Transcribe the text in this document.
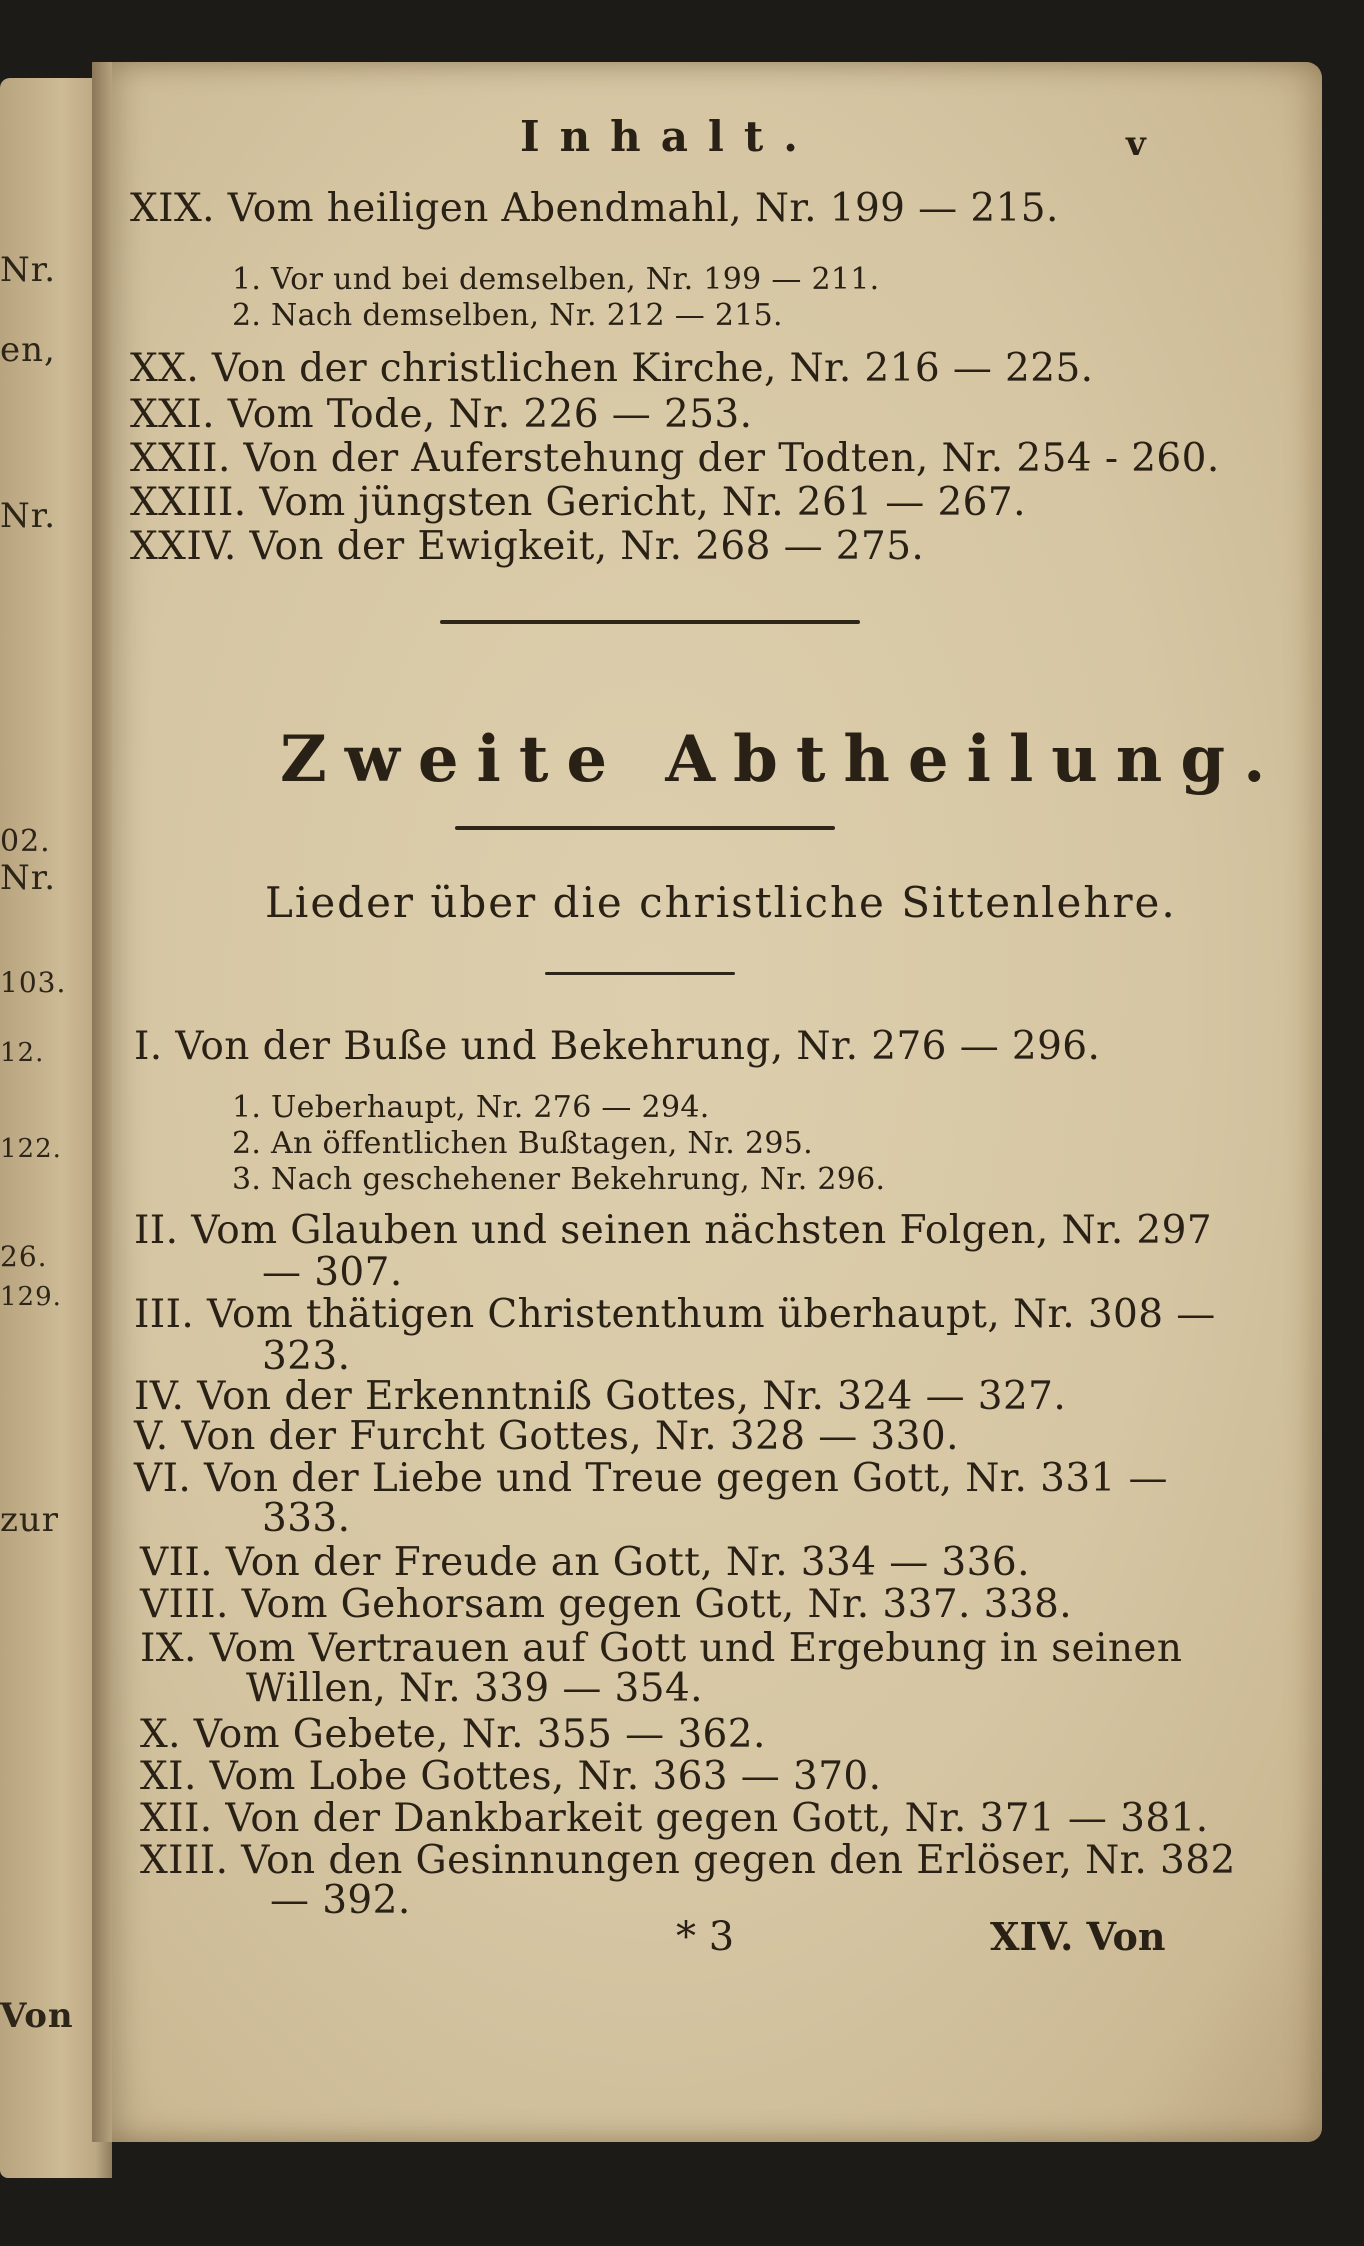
Nr.
en,
Nr.
02.
Nr.
103.
12.
122.
26.
129.
zur
Von
Inhalt.	v
XIX. Vom heiligen Abendmahl, Nr. 199 — 215.
1. Vor und bei demselben, Nr. 199 — 211.
2. Nach demselben, Nr. 212 — 215.
XX. Von der christlichen Kirche, Nr. 216 — 225.
XXI. Vom Tode, Nr. 226 — 253.
XXII. Von der Auferstehung der Todten, Nr. 254 - 260.
XXIII. Vom jüngsten Gericht, Nr. 261 — 267.
XXIV. Von der Ewigkeit, Nr. 268 — 275.
Zweite Abtheilung.
Lieder über die christliche Sittenlehre.
I. Von der Buße und Bekehrung, Nr. 276 — 296.
1. Ueberhaupt, Nr. 276 — 294.
2. An öffentlichen Bußtagen, Nr. 295.
3. Nach geschehener Bekehrung, Nr. 296.
II. Vom Glauben und seinen nächsten Folgen, Nr. 297
— 307.
III. Vom thätigen Christenthum überhaupt, Nr. 308 —
323.
IV. Von der Erkenntniß Gottes, Nr. 324 — 327.
V. Von der Furcht Gottes, Nr. 328 — 330.
VI. Von der Liebe und Treue gegen Gott, Nr. 331 —
333.
VII. Von der Freude an Gott, Nr. 334 — 336.
VIII. Vom Gehorsam gegen Gott, Nr. 337. 338.
IX. Vom Vertrauen auf Gott und Ergebung in seinen
Willen, Nr. 339 — 354.
X. Vom Gebete, Nr. 355 — 362.
XI. Vom Lobe Gottes, Nr. 363 — 370.
XII. Von der Dankbarkeit gegen Gott, Nr. 371 — 381.
XIII. Von den Gesinnungen gegen den Erlöser, Nr. 382
— 392.
* 3	XIV. Von
